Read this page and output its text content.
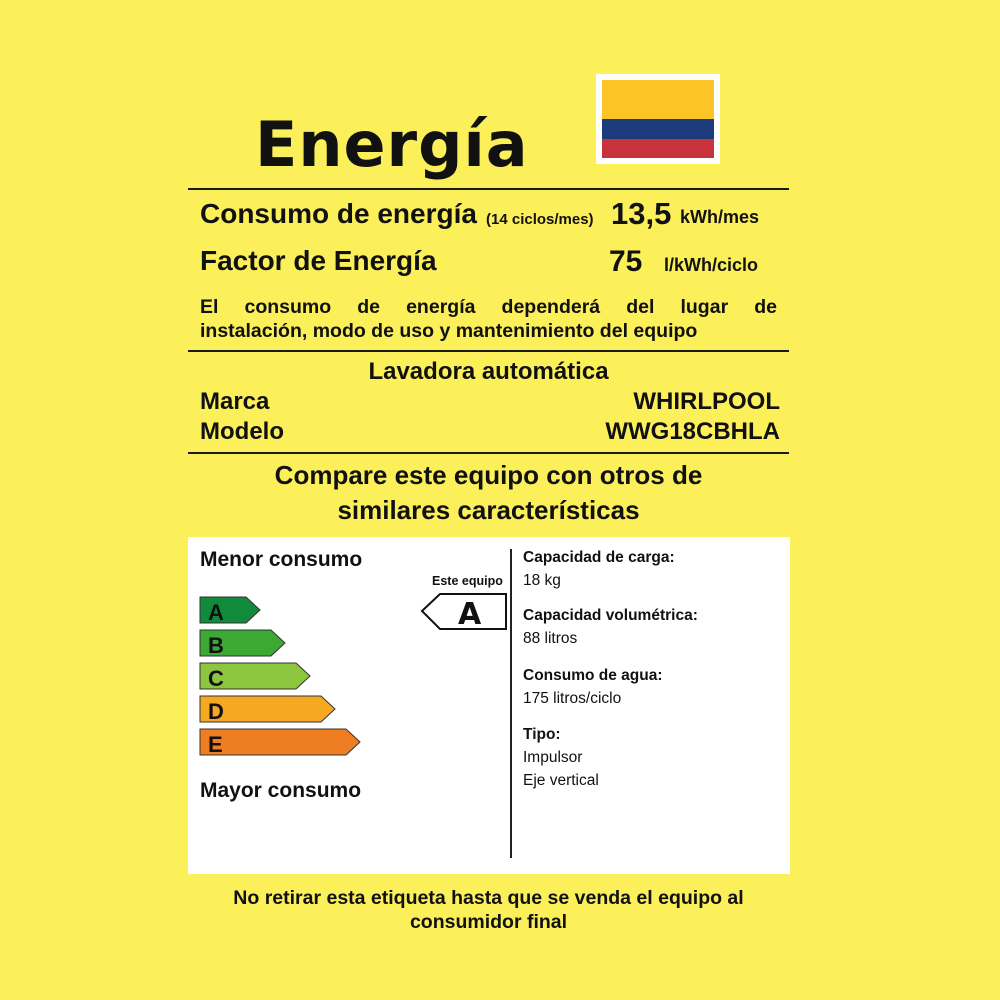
Energía
Consumo de energía (14 ciclos/mes) 13,5 kWh/mes
Factor de Energía	75 l/kWh/ciclo
El consumo de energía dependerá del lugar de
instalación, modo de uso y mantenimiento del equipo
Lavadora automática
Marca	WHIRLPOOL
Modelo	WWG18CBHLA
Compare este equipo con otros de
similares características
Menor consumo
Mayor consumo
A
B
C
D
E
Este equipo
A
Capacidad de carga:
18 kg
Capacidad volumétrica:
88 litros
Consumo de agua:
175 litros/ciclo
Tipo:
Impulsor
Eje vertical
No retirar esta etiqueta hasta que se venda el equipo al
consumidor final
